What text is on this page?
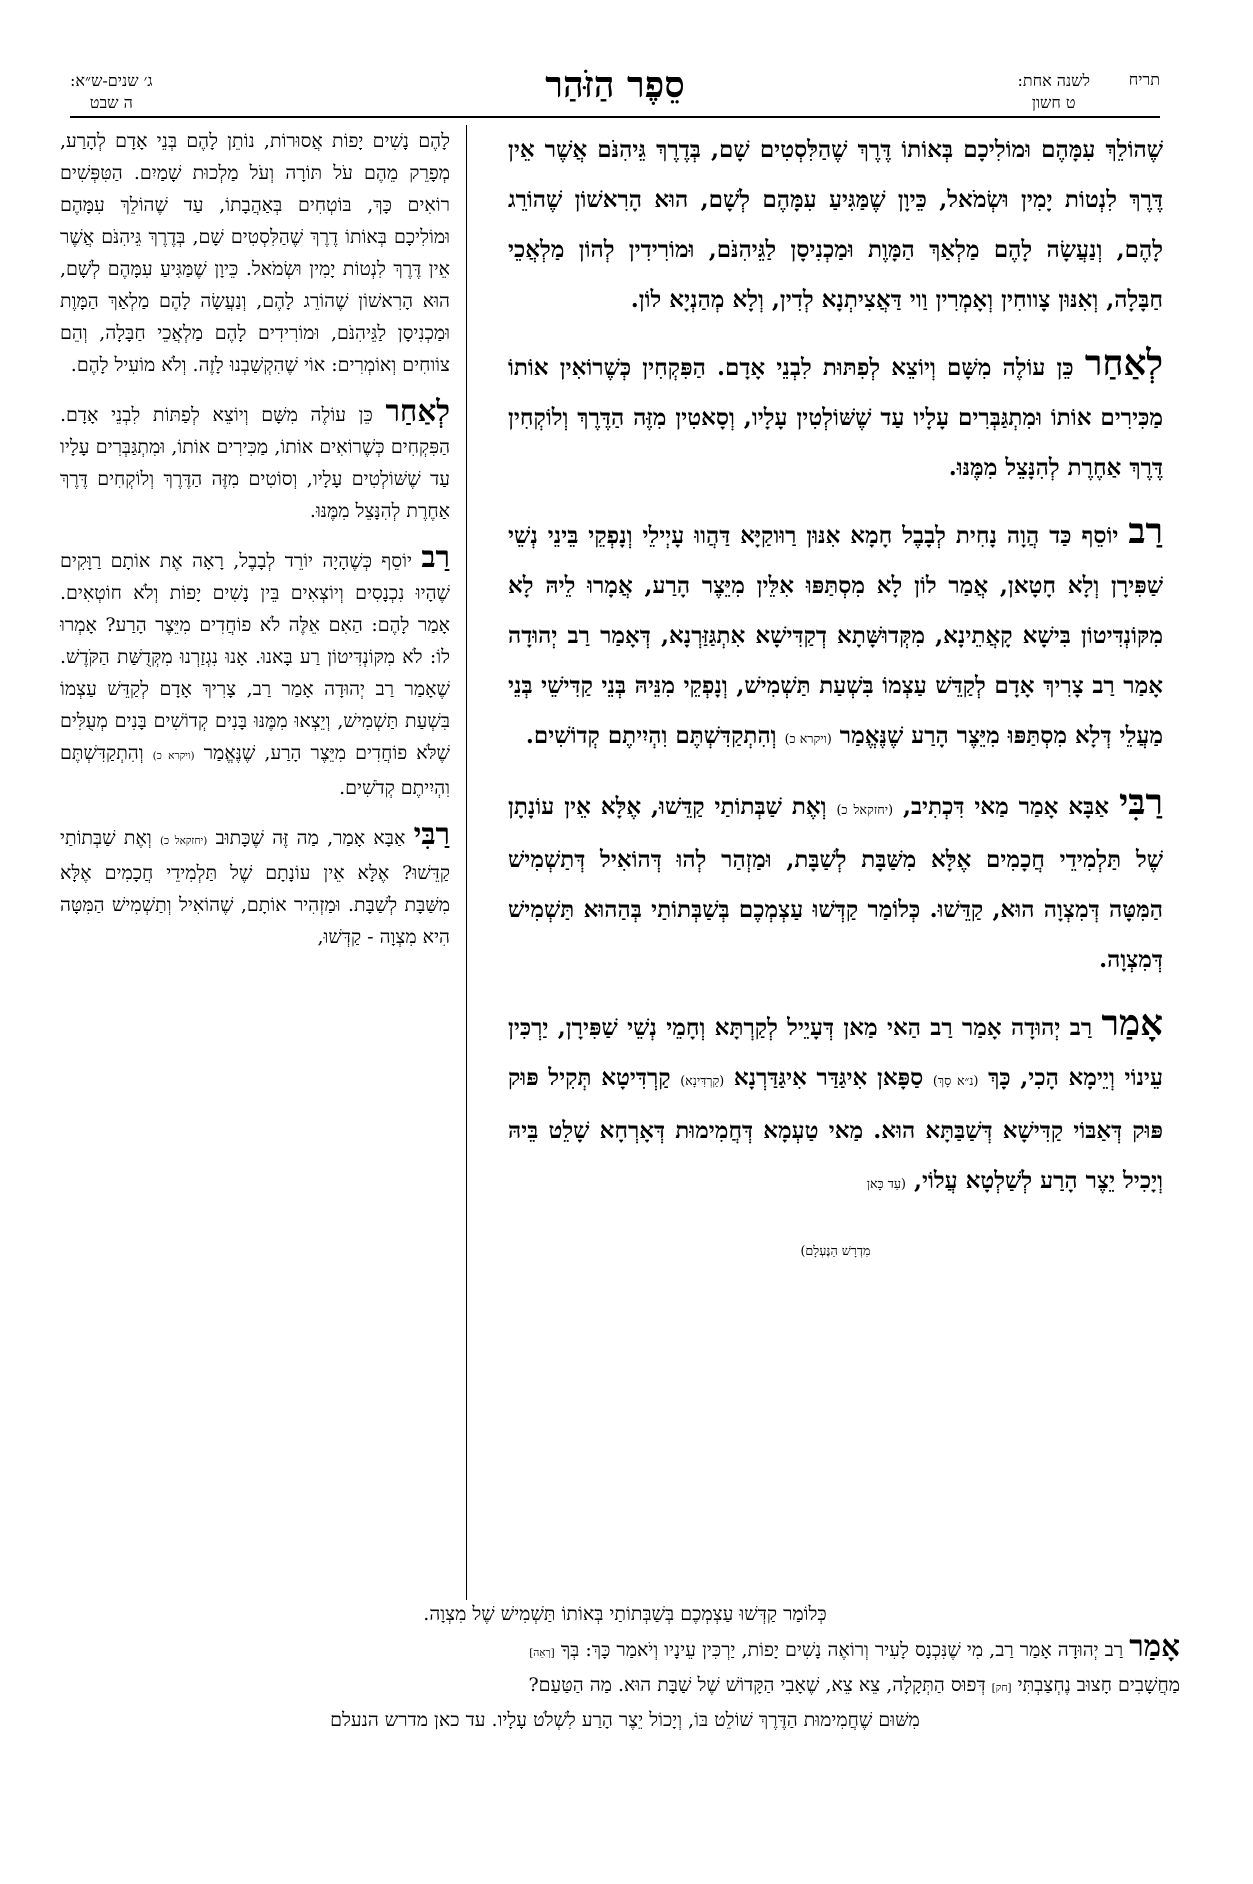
תריח
לשנה אחת:
ט חשון
סֵפֶר הַזֹּהַר
ג׳ שנים-ש״א:
ה שבט

שֶׁהוֹלֵךְ עִמָּהֶם וּמוֹלִיכָם בְּאוֹתוֹ דֶּרֶךְ שֶׁהַלִּסְטִים שָׁם, בְּדֶרֶךְ גֵּיהִנֹּם אֲשֶׁר אֵין דֶּרֶךְ לִנְטוֹת יָמִין וּשְׂמֹאל, כֵּיוָן שֶׁמַּגִּיעַ עִמָּהֶם לְשָׁם, הוּא הָרִאשׁוֹן שֶׁהוֹרֵג לָהֶם, וְנַעֲשָׂה לָהֶם מַלְאַךְ הַמָּוֶת וּמַכְנִיסָן לַגֵּיהִנֹּם, וּמוֹרִידִין לְהוֹן מַלְאֲכֵי חַבָּלָה, וְאִנּוּן צָווחִין וְאָמְרִין וַוי דַּאֲצִיתְנָא לְדִין, וְלָא מְהַנְיָא לוֹן.

לְאַחַר כֵּן עוֹלֶה מִשָּׁם וְיוֹצֵא לְפִתּוּת לִבְנֵי אָדָם. הַפִּקְחִין כְּשֶׁרוֹאִין אוֹתוֹ מַכִּירִים אוֹתוֹ וּמִתְגַּבְּרִים עָלָיו עַד שֶׁשּׁוֹלְטִין עָלָיו, וְסָאטִין מִזֶּה הַדֶּרֶךְ וְלוֹקְחִין דֶּרֶךְ אַחֶרֶת לְהִנָּצֵל מִמֶּנּוּ.

רַב יוֹסֵף כַּד הֲוָה נָחִית לְבָבֶל חָמָא אִנּוּן רַוּוקַיָּא דַּהֲווּ עָיְילֵי וְנָפְקֵי בֵּינֵי נְשֵׁי שַׁפִּירָן וְלָא חָטָאן, אֲמַר לוֹן לָא מִסְתַּפּוּ אִלֵּין מִיֵּצֶר הָרַע, אֲמָרוּ לֵיהּ לָא מִקּוֹנְדִּיטוֹן בִּישָׁא קָאֲתֵינָא, מִקְּדוּשָּׁתָא דְקַדִּישָׁא אִתְגַּזַּרְנָא, דְּאָמַר רַב יְהוּדָה אָמַר רַב צָרִיךְ אָדָם לְקַדֵּשׁ עַצְמוֹ בִּשְׁעַת תַּשְׁמִישׁ, וְנָפְקֵי מִנֵּיהּ בְּנֵי קַדִּישֵׁי בְּנֵי מַעֲלֵי דְּלָא מִסְתַּפּוּ מִיֵּצֶר הָרַע שֶׁנֶּאֱמַר (ויקרא כ) וְהִתְקַדִּשְׁתֶּם וִהְיִיתֶם קְדוֹשִׁים.

רַבִּי אַבָּא אָמַר מַאי דִּכְתִיב, (יחזקאל כ) וְאֶת שַׁבְּתוֹתַי קַדֵּשׁוּ, אֶלָּא אֵין עוֹנָתָן שֶׁל תַּלְמִידֵי חֲכָמִים אֶלָּא מִשַּׁבָּת לְשַׁבָּת, וּמַזְהַר לְהוּ דְּהוֹאִיל דְּתַשְׁמִישׁ הַמִּטָּה דְּמִצְוָה הוּא, קַדֵּשׁוּ. כְּלוֹמַר קַדְּשׁוּ עַצְמְכֶם בְּשַׁבְּתוֹתַי בְּהַהוּא תַּשְׁמִישׁ דְּמִצְוָה.

אָמַר רַב יְהוּדָה אָמַר רַב הַאי מַאן דְּעָיֵיל לְקַרְתָּא וְחָמֵי נְשֵׁי שַׁפִּירָן, יַרְכִּין עֵינוֹי וְיֵימָא הָכִי, כָּךְ (נ״א סָךְ) סַפָּאן אִיגַּדַּר אִיגַּדַּרְנָא (קַרְדִּינָא) קַרְדִּיטָא תְּקִיל פּוּק פּוּק דְּאַבּוֹי קַדִּישָׁא דְּשַׁבַּתָּא הוּא. מַאי טַעְמָא דְּחֲמִימוּת דְּאָרְחָא שָׁלֵט בֵּיהּ וְיָכִיל יֵצֶר הָרַע לְשַׁלְטָא עֲלוֹי, (עַד כָּאן

מִדְרָשׁ הַנֶּעְלָם)

לָהֶם נָשִׁים יָפוֹת אֲסוּרוֹת, נוֹתֵן לָהֶם בְּנֵי אָדָם לְהָרַע, מְפָרֵק מֵהֶם עֹל תּוֹרָה וְעֹל מַלְכוּת שָׁמַיִם. הַטִּפְּשִׁים רוֹאִים כָּךְ, בּוֹטְחִים בְּאַהֲבָתוֹ, עַד שֶׁהוֹלֵךְ עִמָּהֶם וּמוֹלִיכָם בְּאוֹתוֹ דֶרֶךְ שֶׁהַלִּסְטִים שָׁם, בְּדֶרֶךְ גֵּיהִנֹּם אֲשֶׁר אֵין דֶּרֶךְ לִנְטוֹת יָמִין וּשְׂמֹאל. כֵּיוָן שֶׁמַּגִּיעַ עִמָּהֶם לְשָׁם, הוּא הָרִאשׁוֹן שֶׁהוֹרֵג לָהֶם, וְנַעֲשָׂה לָהֶם מַלְאַךְ הַמָּוֶת וּמַכְנִיסָן לַגֵּיהִנֹּם, וּמוֹרִידִים לָהֶם מַלְאֲכֵי חַבָּלָה, וְהֵם צוֹוחִים וְאוֹמְרִים: אוֹי שֶׁהִקְשַׁבְנוּ לָזֶה. וְלֹא מוֹעִיל לָהֶם.

לְאַחַר כֵּן עוֹלֶה מִשָּׁם וְיוֹצֵא לְפַתּוֹת לִבְנֵי אָדָם. הַפִּקְחִים כְּשֶׁרוֹאִים אוֹתוֹ, מַכִּירִים אוֹתוֹ, וּמִתְגַּבְּרִים עָלָיו עַד שֶׁשּׁוֹלְטִים עָלָיו, וְסוֹטִים מִזֶּה הַדֶּרֶךְ וְלוֹקְחִים דֶּרֶךְ אַחֶרֶת לְהִנָּצֵל מִמֶּנּוּ.

רַב יוֹסֵף כְּשֶׁהָיָה יוֹרֵד לְבָבֶל, רָאָה אֶת אוֹתָם רַוָּקִים שֶׁהָיוּ נִכְנָסִים וְיוֹצְאִים בֵּין נָשִׁים יָפוֹת וְלֹא חוֹטְאִים. אָמַר לָהֶם: הַאִם אֵלֶּה לֹא פוֹחֲדִים מִיֵּצֶר הָרַע? אָמְרוּ לוֹ: לֹא מִקּוֹנְדִּיטוֹן רַע בָּאנוּ. אָנוּ נִגְזַרְנוּ מִקְּדֻשַּׁת הַקֹּדֶשׁ. שֶׁאָמַר רַב יְהוּדָה אָמַר רַב, צָרִיךְ אָדָם לְקַדֵּשׁ עַצְמוֹ בִּשְׁעַת תַּשְׁמִישׁ, וְיֵצְאוּ מִמֶּנּוּ בָּנִים קְדוֹשִׁים בָּנִים מְעֻלִּים שֶׁלֹּא פוֹחֲדִים מִיֵּצֶר הָרַע, שֶׁנֶּאֱמַר (ויקרא כ) וְהִתְקַדִּשְׁתֶּם וִהְיִיתֶם קְדֹשִׁים.

רַבִּי אַבָּא אָמַר, מַה זֶּה שֶׁכָּתוּב (יחזקאל כ) וְאֶת שַׁבְּתוֹתַי קַדֵּשׁוּ? אֶלָּא אֵין עוֹנָתָם שֶׁל תַּלְמִידֵי חֲכָמִים אֶלָּא מִשַּׁבָּת לְשַׁבָּת. וּמַזְהִיר אוֹתָם, שֶׁהוֹאִיל וְתַשְׁמִישׁ הַמִּטָּה הִיא מִצְוָה - קַדְּשׁוּ,

כְּלוֹמַר קַדְּשׁוּ עַצְמְכֶם בְּשַׁבְּתוֹתַי בְּאוֹתוֹ תַּשְׁמִישׁ שֶׁל מִצְוָה.

אָמַר רַב יְהוּדָה אָמַר רַב, מִי שֶׁנִּכְנָס לָעִיר וְרוֹאֶה נָשִׁים יָפוֹת, יַרְכִּין עֵינָיו וְיֹאמַר כָּךְ: בְּךָ [רְאֵה]

מַחֲשָׁבִים חָצוּב נֶחְצַבְתִּי [חק] דְּפוּס הַתְּקָלָה, צֵא צֵא, שֶׁאָבִי הַקָּדוֹשׁ שֶׁל שַׁבָּת הוּא. מַה הַטַּעַם?

מִשּׁוּם שֶׁחֲמִימוּת הַדֶּרֶךְ שׁוֹלֵט בּוֹ, וְיָכוֹל יֵצֶר הָרַע לִשְׁלֹט עָלָיו. עד כאן מדרש הנעלם
